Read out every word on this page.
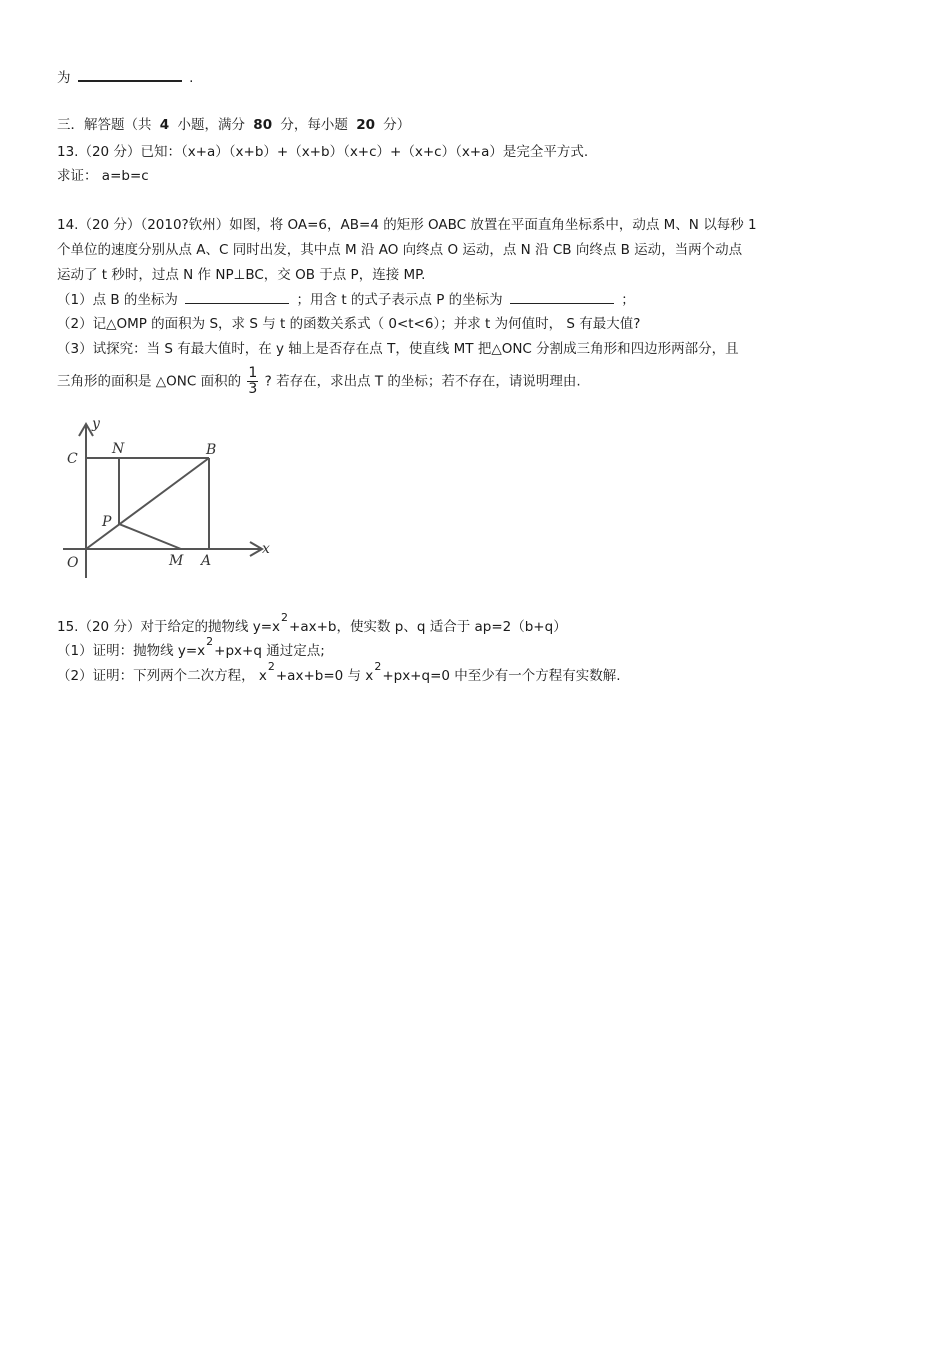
为	.
三．解答题（共 4 小题，满分 80 分，每小题 20 分）
13.（20 分）已知：（x+a）（x+b）+（x+b）（x+c）+（x+c）（x+a）是完全平方式.
求证： a=b=c
14.（20 分）（2010?钦州）如图，将 OA=6，AB=4 的矩形 OABC 放置在平面直角坐标系中，动点 M、N 以每秒 1
个单位的速度分别从点 A、C 同时出发，其中点 M 沿 AO 向终点 O 运动，点 N 沿 CB 向终点 B 运动，当两个动点
运动了 t 秒时，过点 N 作 NP⊥BC，交 OB 于点 P，连接 MP.
（1）点 B 的坐标为	；用含 t 的式子表示点 P 的坐标为	；
（2）记△OMP 的面积为 S，求 S 与 t 的函数关系式（ 0<t<6）；并求 t 为何值时， S 有最大值?
（3）试探究：当 S 有最大值时，在 y 轴上是否存在点 T，使直线 MT 把△ONC 分割成三角形和四边形两部分，且
三角形的面积是 △ONC 面积的 $\frac{1}{3}$ ? 若存在，求出点 T 的坐标；若不存在，请说明理由.
y
x
C
N	B
P
O	M A
15.（20 分）对于给定的抛物线 $y=x^2+ax+b$，使实数 p、q 适合于 ap=2（b+q）
（1）证明：抛物线 $y=x^2+px+q$ 通过定点;
（2）证明：下列两个二次方程， $x^2+ax+b=0$ 与 $x^2+px+q=0$ 中至少有一个方程有实数解.
